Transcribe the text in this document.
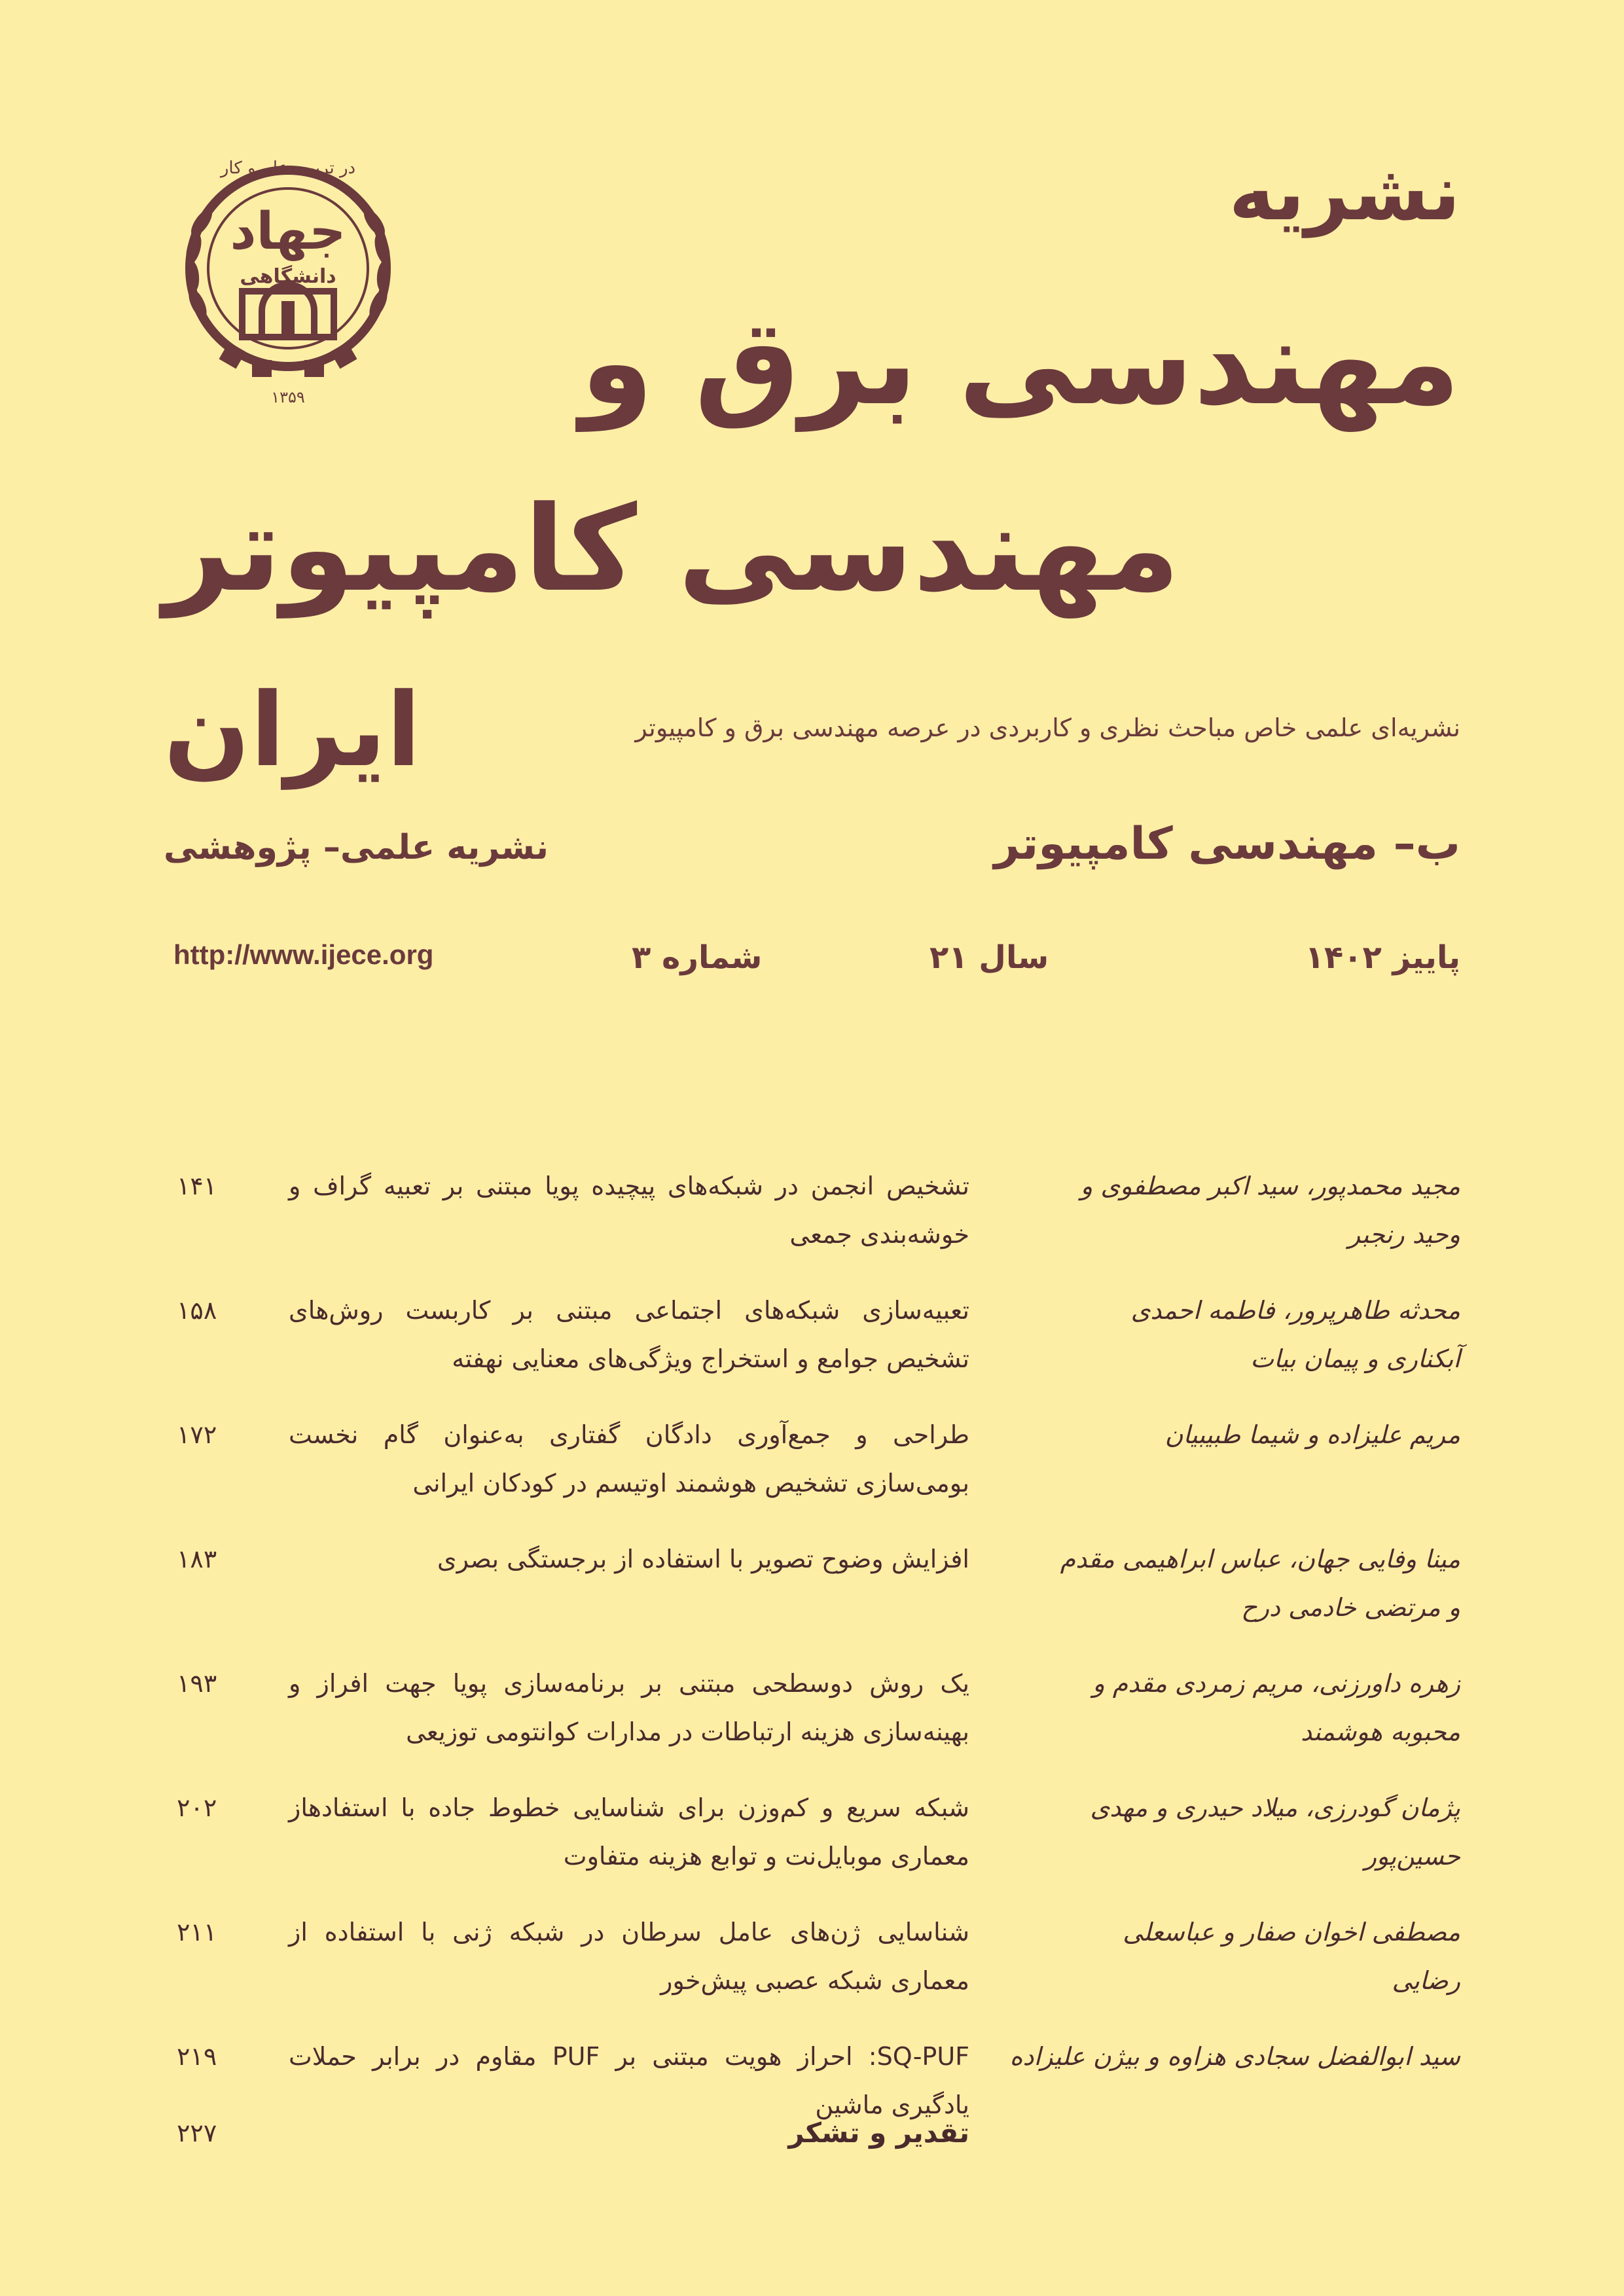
در تربیت علم و کار
جهاد
دانشگاهی
۱۳۵۹
نشریه
مهندسی برق و
مهندسی کامپیوتر
ایران	نشریه‌ای علمی خاص مباحث نظری و کاربردی در عرصه مهندسی برق و کامپیوتر
ب– مهندسی کامپیوتر
نشریه علمی– پژوهشی
پاییز ۱۴۰۲
سال ۲۱
شماره ۳
http://www.ijece.org
مجید محمدپور، سید اکبر مصطفوی و وحید رنجبر
تشخیص انجمن در شبکه‌های پیچیده پویا مبتنی بر تعبیه گراف و خوشه‌بندی جمعی
۱۴۱
محدثه طاهرپرور، فاطمه احمدی آبکناری و پیمان بیات
تعبیه‌سازی شبکه‌های اجتماعی مبتنی بر کاربست روش‌های تشخیص جوامع و استخراج ویژگی‌های معنایی نهفته
۱۵۸
مریم علیزاده و شیما طبیبیان
طراحی و جمع‌آوری دادگان گفتاری به‌عنوان گام نخست بومی‌سازی تشخیص هوشمند اوتیسم در کودکان ایرانی
۱۷۲
مینا وفایی جهان، عباس ابراهیمی مقدم و مرتضی خادمی درح
افزایش وضوح تصویر با استفاده از برجستگی بصری
۱۸۳
زهره داورزنی، مریم زمردی مقدم و محبوبه هوشمند
یک روش دوسطحی مبتنی بر برنامه‌سازی پویا جهت افراز و بهینه‌سازی هزینه ارتباطات در مدارات کوانتومی توزیعی
۱۹۳
پژمان گودرزی، میلاد حیدری و مهدی حسین‌پور
شبکه سریع و کم‌وزن برای شناسایی خطوط جاده با استفادهاز معماری موبایل‌نت و توابع هزینه متفاوت
۲۰۲
مصطفی اخوان صفار و عباسعلی رضایی
شناسایی ژن‌های عامل سرطان در شبکه ژنی با استفاده از معماری شبکه عصبی پیش‌خور
۲۱۱
سید ابوالفضل سجادی هزاوه و بیژن علیزاده
SQ-PUF: احراز هویت مبتنی بر PUF مقاوم در برابر حملات یادگیری ماشین
۲۱۹
تقدیر و تشکر
۲۲۷
